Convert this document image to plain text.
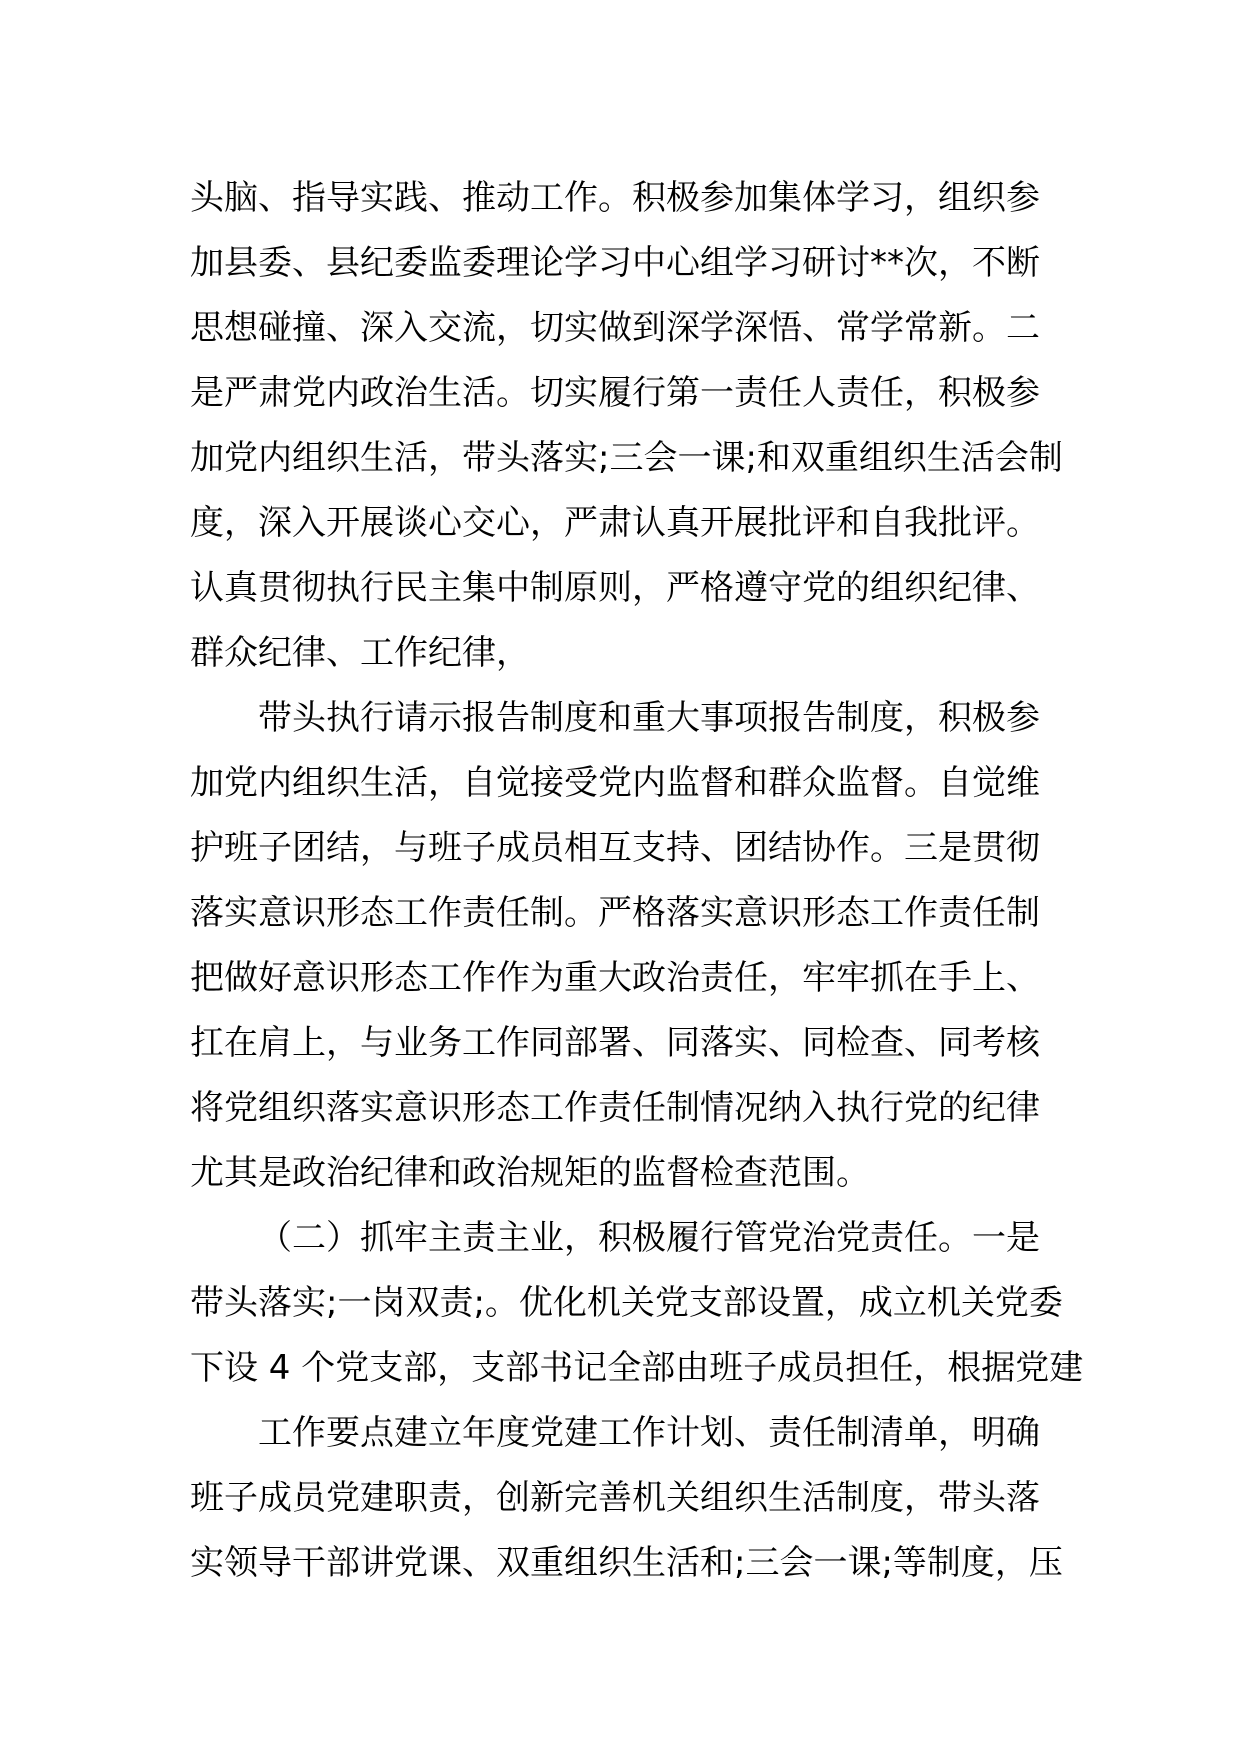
头脑、指导实践、推动工作。积极参加集体学习，组织参

加县委、县纪委监委理论学习中心组学习研讨**次，不断

思想碰撞、深入交流，切实做到深学深悟、常学常新。二

是严肃党内政治生活。切实履行第一责任人责任，积极参

加党内组织生活，带头落实;三会一课;和双重组织生活会制

度，深入开展谈心交心，严肃认真开展批评和自我批评。

认真贯彻执行民主集中制原则，严格遵守党的组织纪律、

群众纪律、工作纪律，

带头执行请示报告制度和重大事项报告制度，积极参

加党内组织生活，自觉接受党内监督和群众监督。自觉维

护班子团结，与班子成员相互支持、团结协作。三是贯彻

落实意识形态工作责任制。严格落实意识形态工作责任制

把做好意识形态工作作为重大政治责任，牢牢抓在手上、

扛在肩上，与业务工作同部署、同落实、同检查、同考核

将党组织落实意识形态工作责任制情况纳入执行党的纪律

尤其是政治纪律和政治规矩的监督检查范围。

（二）抓牢主责主业，积极履行管党治党责任。一是

带头落实;一岗双责;。优化机关党支部设置，成立机关党委

下设 4 个党支部，支部书记全部由班子成员担任，根据党建

工作要点建立年度党建工作计划、责任制清单，明确

班子成员党建职责，创新完善机关组织生活制度，带头落

实领导干部讲党课、双重组织生活和;三会一课;等制度，压
